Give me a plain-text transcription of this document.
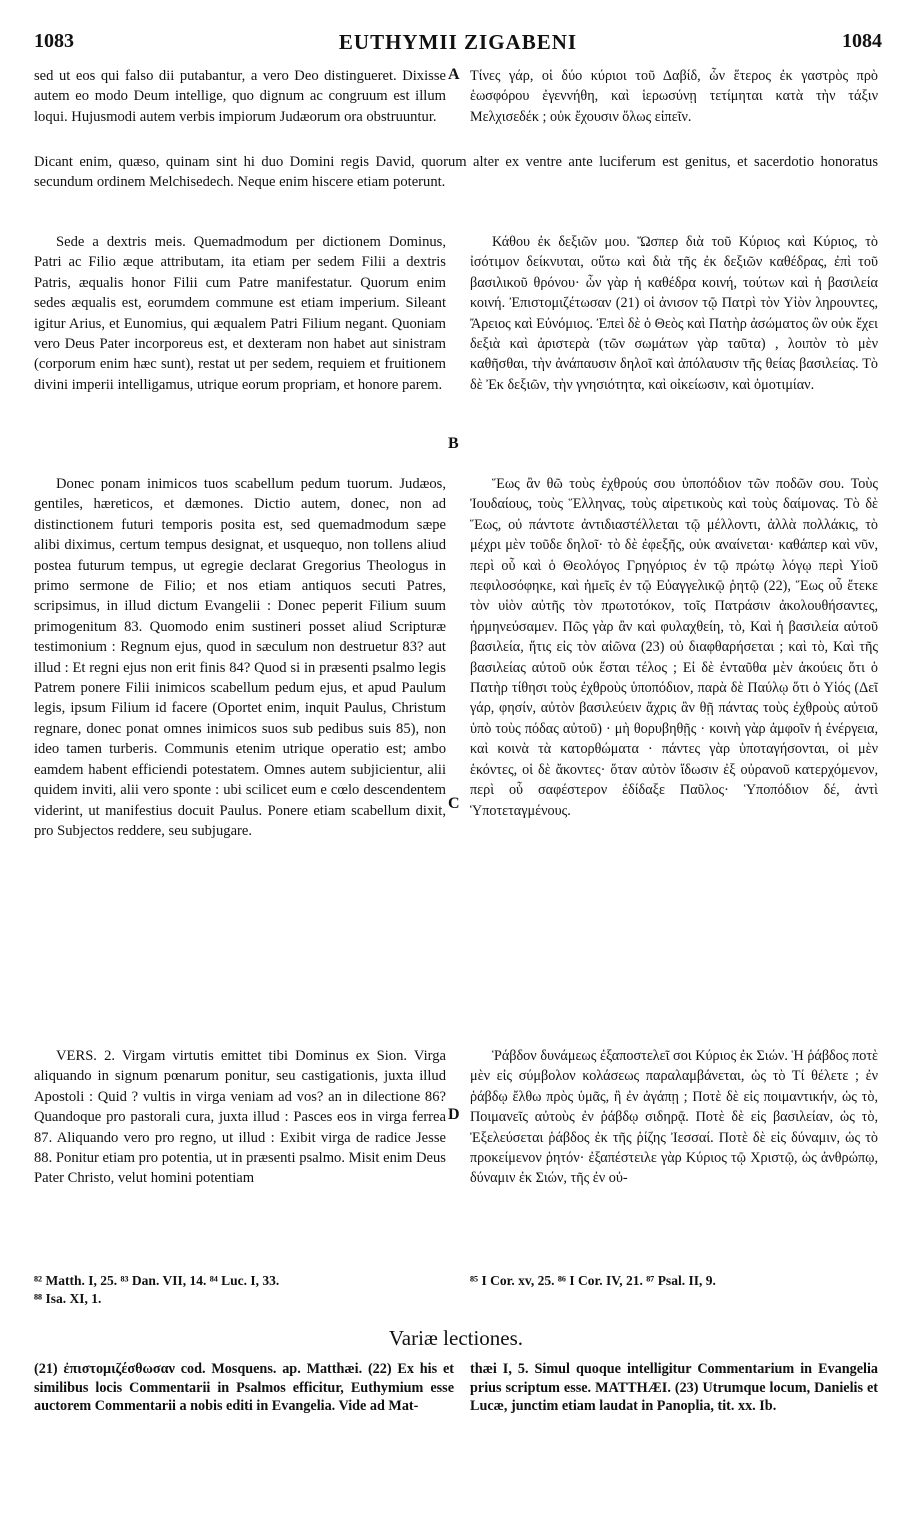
1083	EUTHYMII ZIGABENI	1084

sed ut eos qui falso dii putabantur, a vero Deo distingueret. Dixisse autem eo modo Deum intellige, quo dignum ac congruum est illum loqui. Hujusmodi autem verbis impiorum Judæorum ora obstruuntur.

Τίνες γάρ, οἱ δύο κύριοι τοῦ Δαβίδ, ὧν ἕτερος ἐκ γαστρὸς πρὸ ἑωσφόρου ἐγεννήθη, καὶ ἱερωσύνῃ τετίμηται κατὰ τὴν τάξιν Μελχισεδέκ ; οὐκ ἔχουσιν ὅλως εἰπεῖν.

Dicant enim, quæso, quinam sint hi duo Domini regis David, quorum alter ex ventre ante luciferum est genitus, et sacerdotio honoratus secundum ordinem Melchisedech. Neque enim hiscere etiam poterunt.

Sede a dextris meis. Quemadmodum per dictionem Dominus, Patri ac Filio æque attributam, ita etiam per sedem Filii a dextris Patris, æqualis honor Filii cum Patre manifestatur. Quorum enim sedes æqualis est, eorumdem commune est etiam imperium. Sileant igitur Arius, et Eunomius, qui æqualem Patri Filium negant. Quoniam vero Deus Pater incorporeus est, et dexteram non habet aut sinistram (corporum enim hæc sunt), restat ut per sedem, requiem et fruitionem divini imperii intelligamus, utrique eorum propriam, et honore parem.

Κάθου ἐκ δεξιῶν μου. Ὥσπερ διὰ τοῦ Κύριος καὶ Κύριος, τὸ ἰσότιμον δείκνυται, οὕτω καὶ διὰ τῆς ἐκ δεξιῶν καθέδρας, ἐπὶ τοῦ βασιλικοῦ θρόνου· ὧν γὰρ ἡ καθέδρα κοινή, τούτων καὶ ἡ βασιλεία κοινή. Ἐπιστομιζέτωσαν (21) οἱ ἀνισον τῷ Πατρὶ τὸν Υἱὸν ληρουντες, Ἄρειος καὶ Εὐνόμιος. Ἐπεὶ δὲ ὁ Θεὸς καὶ Πατὴρ ἀσώματος ὢν οὐκ ἔχει δεξιὰ καὶ ἀριστερὰ (τῶν σωμάτων γὰρ ταῦτα) , λοιπὸν τὸ μὲν καθῆσθαι, τὴν ἀνάπαυσιν δηλοῖ καὶ ἀπόλαυσιν τῆς θείας βασιλείας. Τὸ δὲ Ἐκ δεξιῶν, τὴν γνησιότητα, καὶ οἰκείωσιν, καὶ ὁμοτιμίαν.

Donec ponam inimicos tuos scabellum pedum tuorum. Judæos, gentiles, hæreticos, et dæmones. Dictio autem, donec, non ad distinctionem futuri temporis posita est, sed quemadmodum sæpe alibi diximus, certum tempus designat, et usquequo, non tollens aliud postea futurum tempus, ut egregie declarat Gregorius Theologus in primo sermone de Filio; et nos etiam antiquos secuti Patres, scripsimus, in illud dictum Evangelii : Donec peperit Filium suum primogenitum 83. Quomodo enim sustineri posset aliud Scripturæ testimonium : Regnum ejus, quod in sæculum non destruetur 83? aut illud : Et regni ejus non erit finis 84? Quod si in præsenti psalmo legis Patrem ponere Filii inimicos scabellum pedum ejus, et apud Paulum legis, ipsum Filium id facere (Oportet enim, inquit Paulus, Christum regnare, donec ponat omnes inimicos suos sub pedibus suis 85), non ideo tamen turberis. Communis etenim utrique operatio est; ambo eamdem habent efficiendi potestatem. Omnes autem subjicientur, alii quidem inviti, alii vero sponte : ubi scilicet eum e cœlo descendentem viderint, ut manifestius docuit Paulus. Ponere etiam scabellum dixit, pro Subjectos reddere, seu subjugare.

Ἕως ἂν θῶ τοὺς ἐχθρούς σου ὑποπόδιον τῶν ποδῶν σου. Τοὺς Ἰουδαίους, τοὺς Ἕλληνας, τοὺς αἱρετικοὺς καὶ τοὺς δαίμονας. Τὸ δὲ Ἕως, οὐ πάντοτε ἀντιδιαστέλλεται τῷ μέλλοντι, ἀλλὰ πολλάκις, τὸ μέχρι μὲν τοῦδε δηλοῖ· τὸ δὲ ἐφεξῆς, οὐκ αναίνεται· καθάπερ καὶ νῦν, περὶ οὗ καὶ ὁ Θεολόγος Γρηγόριος ἐν τῷ πρώτῳ λόγῳ περὶ Υἱοῦ πεφιλοσόφηκε, καὶ ἡμεῖς ἐν τῷ Εὐαγγελικῷ ῥητῷ (22), Ἕως οὗ ἔτεκε τὸν υἱὸν αὐτῆς τὸν πρωτοτόκον, τοῖς Πατράσιν ἀκολουθήσαντες, ἡρμηνεύσαμεν. Πῶς γὰρ ἂν καὶ φυλαχθείη, τὸ, Καὶ ἡ βασιλεία αὐτοῦ βασιλεία, ἥτις εἰς τὸν αἰῶνα (23) οὐ διαφθαρήσεται ; καὶ τὸ, Καὶ τῆς βασιλείας αὐτοῦ οὐκ ἔσται τέλος ; Εἰ δὲ ἐνταῦθα μὲν ἀκούεις ὅτι ὁ Πατὴρ τίθησι τοὺς ἐχθροὺς ὑποπόδιον, παρὰ δὲ Παύλῳ ὅτι ὁ Υἱός (Δεῖ γάρ, φησίν, αὐτὸν βασιλεύειν ἄχρις ἂν θῇ πάντας τοὺς ἐχθροὺς αὐτοῦ ὑπὸ τοὺς πόδας αὐτοῦ) · μὴ θορυβηθῇς · κοινὴ γὰρ ἀμφοῖν ἡ ἐνέργεια, καὶ κοινὰ τὰ κατορθώματα · πάντες γὰρ ὑποταγήσονται, οἱ μὲν ἑκόντες, οἱ δὲ ἄκοντες· ὅταν αὐτὸν ἴδωσιν ἐξ οὐρανοῦ κατερχόμενον, περὶ οὗ σαφέστερον ἐδίδαξε Παῦλος· Ὑποπόδιον δέ, ἀντὶ Ὑποτεταγμένους.

VERS. 2. Virgam virtutis emittet tibi Dominus ex Sion. Virga aliquando in signum pœnarum ponitur, seu castigationis, juxta illud Apostoli : Quid ? vultis in virga veniam ad vos? an in dilectione 86? Quandoque pro pastorali cura, juxta illud : Pasces eos in virga ferrea 87. Aliquando vero pro regno, ut illud : Exibit virga de radice Jesse 88. Ponitur etiam pro potentia, ut in præsenti psalmo. Misit enim Deus Pater Christo, velut homini potentiam

Ῥάβδον δυνάμεως ἐξαποστελεῖ σοι Κύριος ἐκ Σιών. Ἡ ῥάβδος ποτὲ μὲν εἰς σύμβολον κολάσεως παραλαμβάνεται, ὡς τὸ Τί θέλετε ; ἐν ῥάβδῳ ἔλθω πρὸς ὑμᾶς, ἢ ἐν ἀγάπῃ ; Ποτὲ δὲ εἰς ποιμαντικήν, ὡς τὸ, Ποιμανεῖς αὐτοὺς ἐν ῥάβδῳ σιδηρᾷ. Ποτὲ δὲ εἰς βασιλείαν, ὡς τὸ, Ἐξελεύσεται ῥάβδος ἐκ τῆς ῥίζης Ἰεσσαί. Ποτὲ δὲ εἰς δύναμιν, ὡς τὸ προκείμενον ῥητόν· ἐξαπέστειλε γὰρ Κύριος τῷ Χριστῷ, ὡς ἀνθρώπῳ, δύναμιν ἐκ Σιών, τῆς ἐν οὐ-

A
B
C
D
⁸² Matth. I, 25. ⁸³ Dan. VII, 14. ⁸⁴ Luc. I, 33.
⁸⁸ Isa. XI, 1.
⁸⁵ I Cor. xv, 25. ⁸⁶ I Cor. IV, 21. ⁸⁷ Psal. II, 9.
Variæ lectiones.

(21) ἐπιστομιζέσθωσαν cod. Mosquens. ap. Matthæi. (22) Ex his et similibus locis Commentarii in Psalmos efficitur, Euthymium esse auctorem Commentarii a nobis editi in Evangelia. Vide ad Mat-

thæi I, 5. Simul quoque intelligitur Commentarium in Evangelia prius scriptum esse. MATTHÆI. (23) Utrumque locum, Danielis et Lucæ, junctim etiam laudat in Panoplia, tit. xx. Ib.
